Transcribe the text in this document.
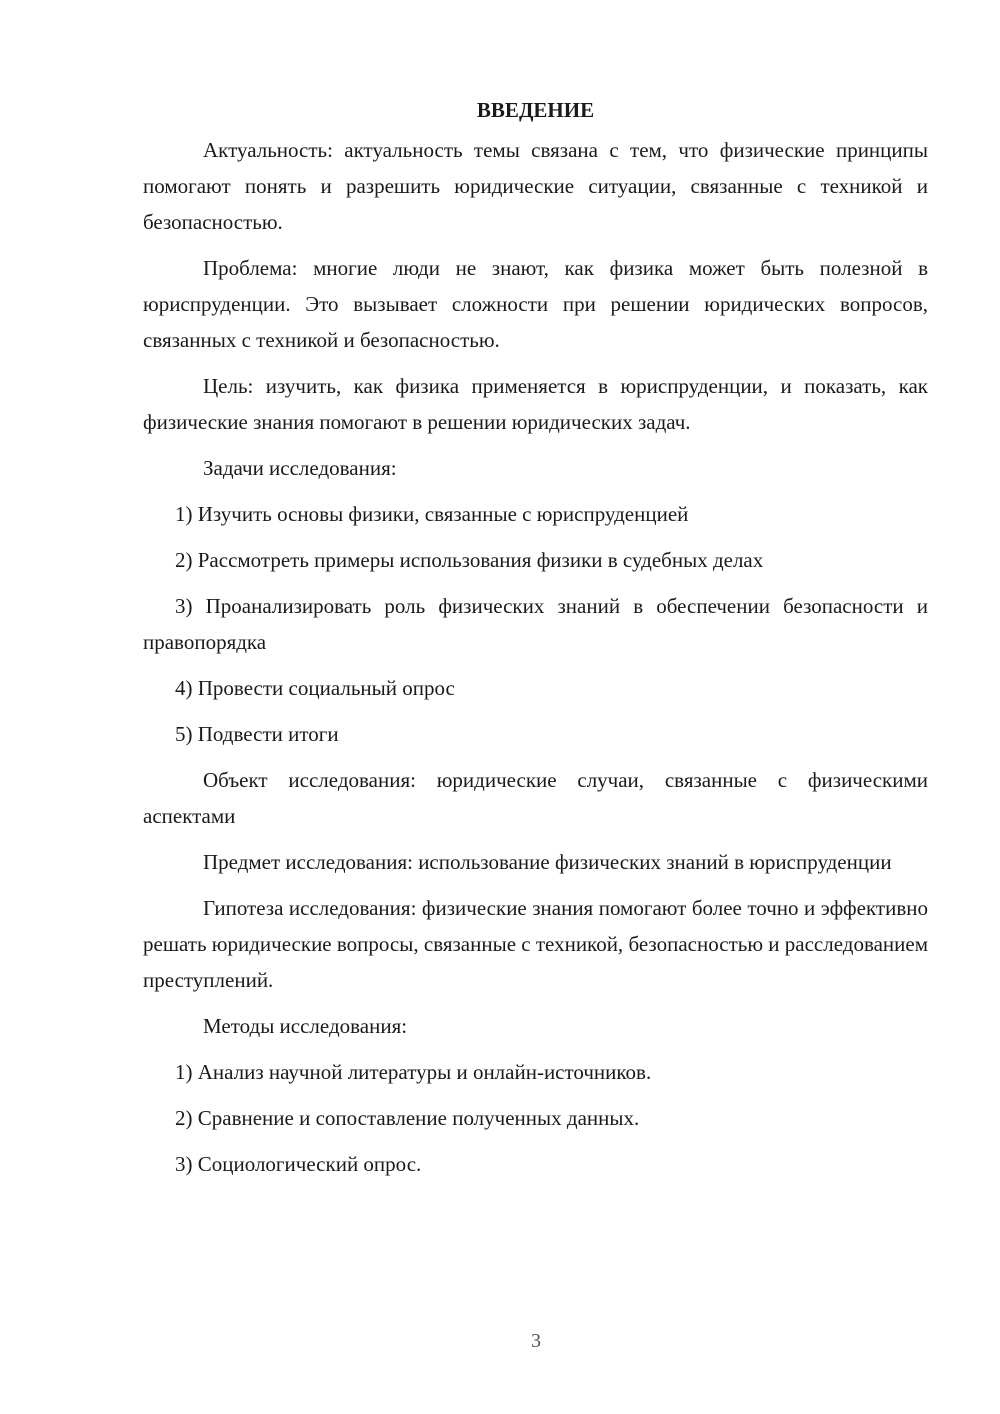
ВВЕДЕНИЕ

Актуальность: актуальность темы связана с тем, что физические принципы помогают понять и разрешить юридические ситуации, связанные с техникой и безопасностью.

Проблема: многие люди не знают, как физика может быть полезной в юриспруденции. Это вызывает сложности при решении юридических вопросов, связанных с техникой и безопасностью.

Цель: изучить, как физика применяется в юриспруденции, и показать, как физические знания помогают в решении юридических задач.

Задачи исследования:

1) Изучить основы физики, связанные с юриспруденцией

2) Рассмотреть примеры использования физики в судебных делах

3) Проанализировать роль физических знаний в обеспечении безопасности и правопорядка

4) Провести социальный опрос

5) Подвести итоги

Объект исследования: юридические случаи, связанные с физическими аспектами

Предмет исследования: использование физических знаний в юриспруденции

Гипотеза исследования: физические знания помогают более точно и эффективно решать юридические вопросы, связанные с техникой, безопасностью и расследованием преступлений.

Методы исследования:

1) Анализ научной литературы и онлайн-источников.

2) Сравнение и сопоставление полученных данных.

3) Социологический опрос.

3
